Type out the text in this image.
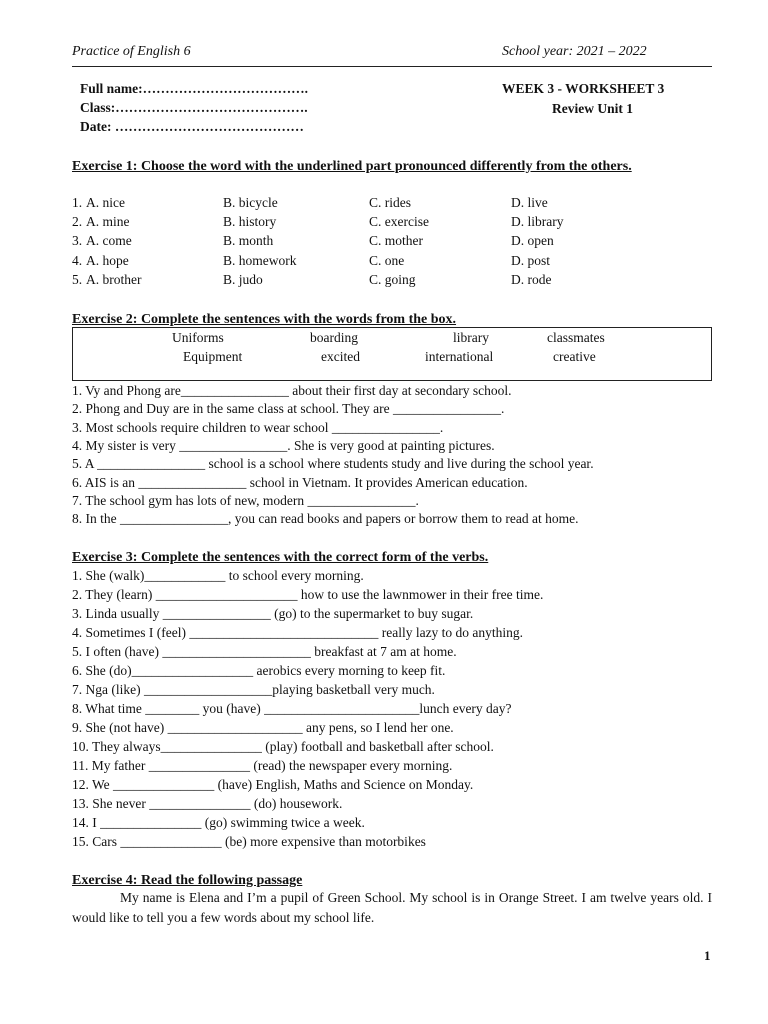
Practice of English 6	School year: 2021 – 2022
Full name:……………………………….
Class:…………………………………….
Date: ……………………………………
WEEK 3 - WORKSHEET 3
Review Unit 1
Exercise 1: Choose the word with the underlined part pronounced differently from the others.
1. A. nice	B. bicycle	C. rides	D. live
2. A. mine	B. history	C. exercise	D. library
3. A. come	B. month	C. mother	D. open
4. A. hope	B. homework	C. one	D. post
5. A. brother	B. judo	C. going	D. rode
Exercise 2: Complete the sentences with the words from the box.
Uniforms	boarding	library	classmates
Equipment	excited	international	creative
1. Vy and Phong are________________ about their first day at secondary school.
2. Phong and Duy are in the same class at school. They are ________________.
3. Most schools require children to wear school ________________.
4. My sister is very ________________. She is very good at painting pictures.
5. A ________________ school is a school where students study and live during the school year.
6. AIS is an ________________ school in Vietnam. It provides American education.
7. The school gym has lots of new, modern ________________.
8. In the ________________, you can read books and papers or borrow them to read at home.
Exercise 3: Complete the sentences with the correct form of the verbs.
1. She (walk)____________ to school every morning.
2. They (learn) _____________________ how to use the lawnmower in their free time.
3. Linda usually ________________ (go) to the supermarket to buy sugar.
4. Sometimes I (feel) ____________________________ really lazy to do anything.
5. I often (have) ______________________ breakfast at 7 am at home.
6. She (do)__________________ aerobics every morning to keep fit.
7. Nga (like) ___________________playing basketball very much.
8. What time ________ you (have) _______________________lunch every day?
9. She (not have) ____________________ any pens, so I lend her one.
10. They always_______________ (play) football and basketball after school.
11. My father _______________ (read) the newspaper every morning.
12. We _______________ (have) English, Maths and Science on Monday.
13. She never _______________ (do) housework.
14. I _______________ (go) swimming twice a week.
15. Cars _______________ (be) more expensive than motorbikes
Exercise 4: Read the following passage
My name is Elena and I’m a pupil of Green School. My school is in Orange Street. I am twelve years old. I would like to tell you a few words about my school life.
1
